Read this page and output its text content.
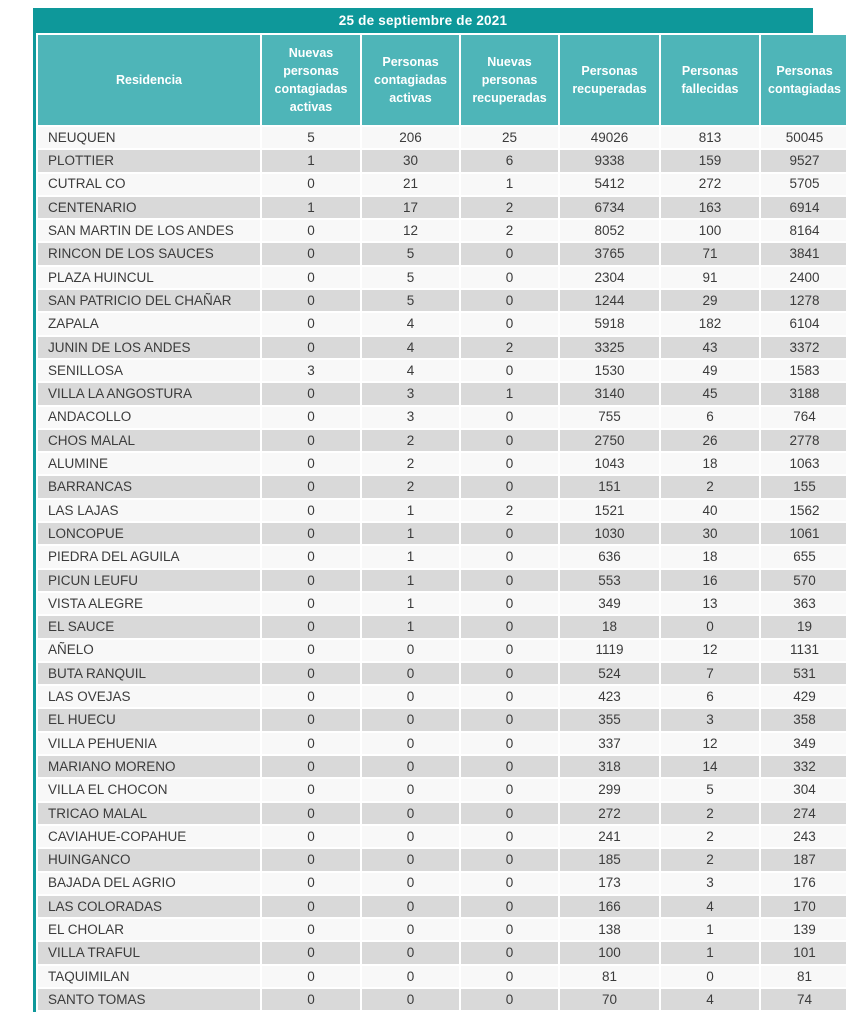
25 de septiembre de 2021
Residencia	Nuevas personas contagiadas activas	Personas contagiadas activas	Nuevas personas recuperadas	Personas recuperadas	Personas fallecidas	Personas contagiadas
NEUQUEN	5	206	25	49026	813	50045
PLOTTIER	1	30	6	9338	159	9527
CUTRAL CO	0	21	1	5412	272	5705
CENTENARIO	1	17	2	6734	163	6914
SAN MARTIN DE LOS ANDES	0	12	2	8052	100	8164
RINCON DE LOS SAUCES	0	5	0	3765	71	3841
PLAZA HUINCUL	0	5	0	2304	91	2400
SAN PATRICIO DEL CHAÑAR	0	5	0	1244	29	1278
ZAPALA	0	4	0	5918	182	6104
JUNIN DE LOS ANDES	0	4	2	3325	43	3372
SENILLOSA	3	4	0	1530	49	1583
VILLA LA ANGOSTURA	0	3	1	3140	45	3188
ANDACOLLO	0	3	0	755	6	764
CHOS MALAL	0	2	0	2750	26	2778
ALUMINE	0	2	0	1043	18	1063
BARRANCAS	0	2	0	151	2	155
LAS LAJAS	0	1	2	1521	40	1562
LONCOPUE	0	1	0	1030	30	1061
PIEDRA DEL AGUILA	0	1	0	636	18	655
PICUN LEUFU	0	1	0	553	16	570
VISTA ALEGRE	0	1	0	349	13	363
EL SAUCE	0	1	0	18	0	19
AÑELO	0	0	0	1119	12	1131
BUTA RANQUIL	0	0	0	524	7	531
LAS OVEJAS	0	0	0	423	6	429
EL HUECU	0	0	0	355	3	358
VILLA PEHUENIA	0	0	0	337	12	349
MARIANO MORENO	0	0	0	318	14	332
VILLA EL CHOCON	0	0	0	299	5	304
TRICAO MALAL	0	0	0	272	2	274
CAVIAHUE-COPAHUE	0	0	0	241	2	243
HUINGANCO	0	0	0	185	2	187
BAJADA DEL AGRIO	0	0	0	173	3	176
LAS COLORADAS	0	0	0	166	4	170
EL CHOLAR	0	0	0	138	1	139
VILLA TRAFUL	0	0	0	100	1	101
TAQUIMILAN	0	0	0	81	0	81
SANTO TOMAS	0	0	0	70	4	74
